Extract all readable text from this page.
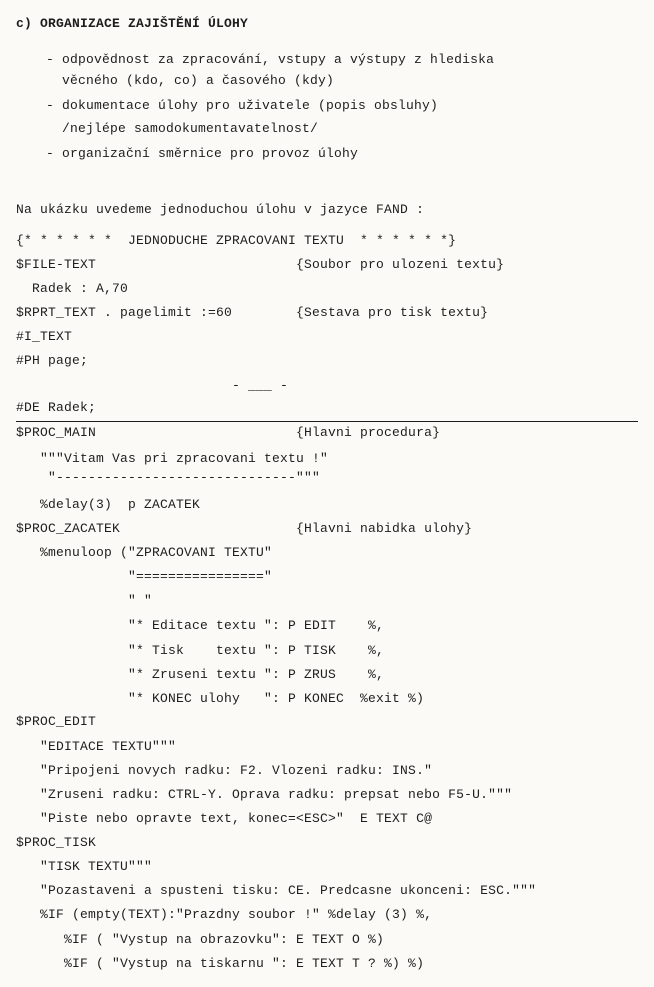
c) ORGANIZACE ZAJIŠTĚNÍ ÚLOHY
- odpovědnost za zpracování, vstupy a výstupy z hlediska
věcného (kdo, co) a časového (kdy)
- dokumentace úlohy pro uživatele (popis obsluhy)
/nejlépe samodokumentavatelnost/
- organizační směrnice pro provoz úlohy
Na ukázku uvedeme jednoduchou úlohu v jazyce FAND :
{* * * * * *  JEDNODUCHE ZPRACOVANI TEXTU  * * * * * *}
$FILE-TEXT                         {Soubor pro ulozeni textu}
Radek : A,70
$RPRT_TEXT . pagelimit :=60        {Sestava pro tisk textu}
#I_TEXT
#PH page;
- ___ -
#DE Radek;
$PROC_MAIN                         {Hlavni procedura}
"""Vitam Vas pri zpracovani textu !"
"------------------------------"""
%delay(3)  p ZACATEK
$PROC_ZACATEK                      {Hlavni nabidka ulohy}
%menuloop ("ZPRACOVANI TEXTU"
"================"
" "
"* Editace textu ": P EDIT    %,
"* Tisk    textu ": P TISK    %,
"* Zruseni textu ": P ZRUS    %,
"* KONEC ulohy   ": P KONEC  %exit %)
$PROC_EDIT
"EDITACE TEXTU"""
"Pripojeni novych radku: F2. Vlozeni radku: INS."
"Zruseni radku: CTRL-Y. Oprava radku: prepsat nebo F5-U."""
"Piste nebo opravte text, konec=<ESC>"  E TEXT C@
$PROC_TISK
"TISK TEXTU"""
"Pozastaveni a spusteni tisku: CE. Predcasne ukonceni: ESC."""
%IF (empty(TEXT):"Prazdny soubor !" %delay (3) %,
%IF ( "Vystup na obrazovku": E TEXT O %)
%IF ( "Vystup na tiskarnu ": E TEXT T ? %) %)
